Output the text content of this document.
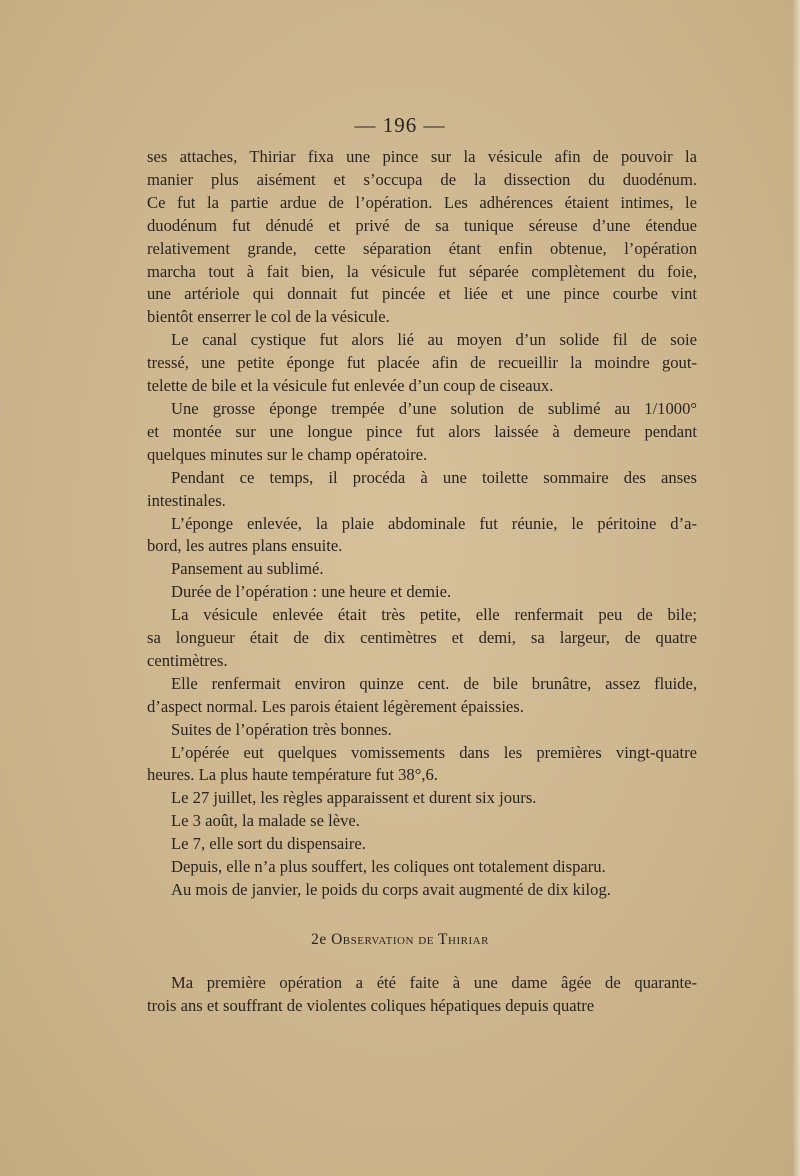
— 196 —
ses attaches, Thiriar fixa une pince sur la vésicule afin de pouvoir la
manier plus aisément et s’occupa de la dissection du duodénum.
Ce fut la partie ardue de l’opération. Les adhérences étaient intimes, le
duodénum fut dénudé et privé de sa tunique séreuse d’une étendue
relativement grande, cette séparation étant enfin obtenue, l’opération
marcha tout à fait bien, la vésicule fut séparée complètement du foie,
une artériole qui donnait fut pincée et liée et une pince courbe vint
bientôt enserrer le col de la vésicule.
Le canal cystique fut alors lié au moyen d’un solide fil de soie
tressé, une petite éponge fut placée afin de recueillir la moindre gout-
telette de bile et la vésicule fut enlevée d’un coup de ciseaux.
Une grosse éponge trempée d’une solution de sublimé au 1/1000°
et montée sur une longue pince fut alors laissée à demeure pendant
quelques minutes sur le champ opératoire.
Pendant ce temps, il procéda à une toilette sommaire des anses
intestinales.
L’éponge enlevée, la plaie abdominale fut réunie, le péritoine d’a-
bord, les autres plans ensuite.
Pansement au sublimé.
Durée de l’opération : une heure et demie.
La vésicule enlevée était très petite, elle renfermait peu de bile;
sa longueur était de dix centimètres et demi, sa largeur, de quatre
centimètres.
Elle renfermait environ quinze cent. de bile brunâtre, assez fluide,
d’aspect normal. Les parois étaient légèrement épaissies.
Suites de l’opération très bonnes.
L’opérée eut quelques vomissements dans les premières vingt-quatre
heures. La plus haute température fut 38°,6.
Le 27 juillet, les règles apparaissent et durent six jours.
Le 3 août, la malade se lève.
Le 7, elle sort du dispensaire.
Depuis, elle n’a plus souffert, les coliques ont totalement disparu.
Au mois de janvier, le poids du corps avait augmenté de dix kilog.
2e Observation de Thiriar
Ma première opération a été faite à une dame âgée de quarante-
trois ans et souffrant de violentes coliques hépatiques depuis quatre
